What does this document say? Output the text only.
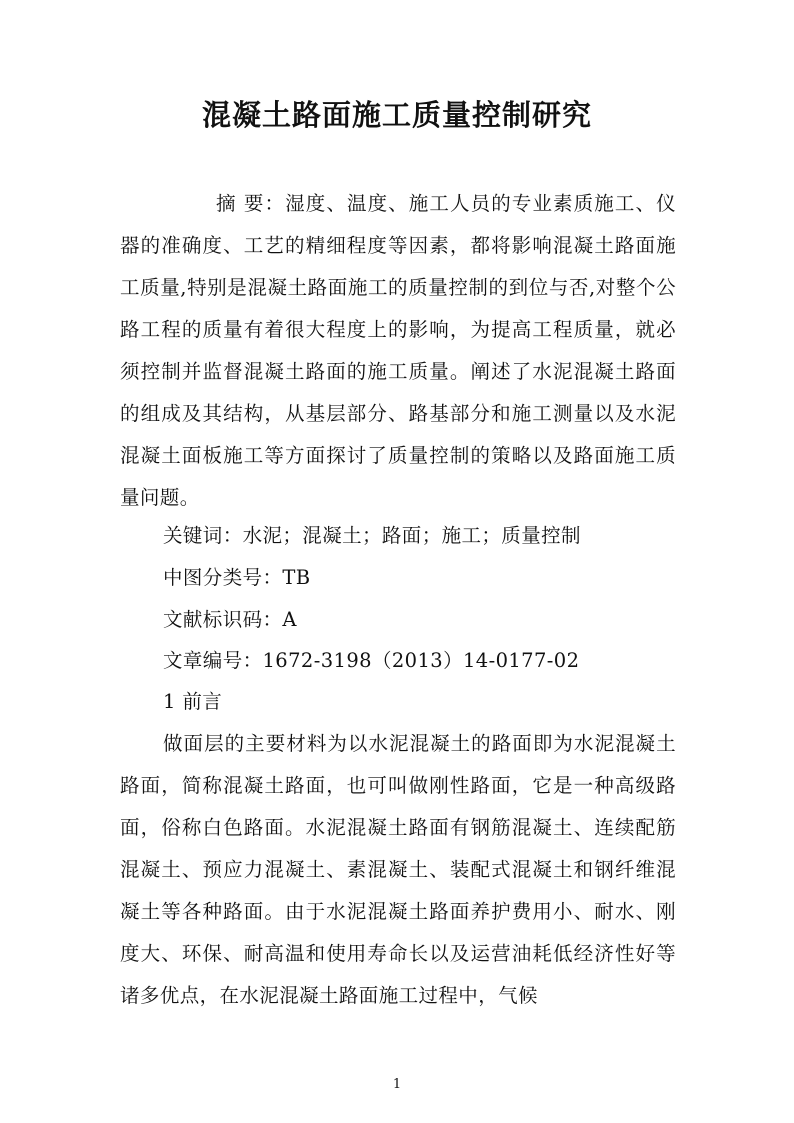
混凝土路面施工质量控制研究
摘 要：湿度、温度、施工人员的专业素质施工、仪器的准确度、工艺的精细程度等因素，都将影响混凝土路面施工质量,特别是混凝土路面施工的质量控制的到位与否,对整个公路工程的质量有着很大程度上的影响，为提高工程质量，就必须控制并监督混凝土路面的施工质量。阐述了水泥混凝土路面的组成及其结构，从基层部分、路基部分和施工测量以及水泥混凝土面板施工等方面探讨了质量控制的策略以及路面施工质量问题。
关键词：水泥；混凝土；路面；施工；质量控制
中图分类号：TB
文献标识码：A
文章编号：1672-3198（2013）14-0177-02
1 前言
做面层的主要材料为以水泥混凝土的路面即为水泥混凝土路面，简称混凝土路面，也可叫做刚性路面，它是一种高级路面，俗称白色路面。水泥混凝土路面有钢筋混凝土、连续配筋混凝土、预应力混凝土、素混凝土、装配式混凝土和钢纤维混凝土等各种路面。由于水泥混凝土路面养护费用小、耐水、刚度大、环保、耐高温和使用寿命长以及运营油耗低经济性好等诸多优点，在水泥混凝土路面施工过程中，气候
1
